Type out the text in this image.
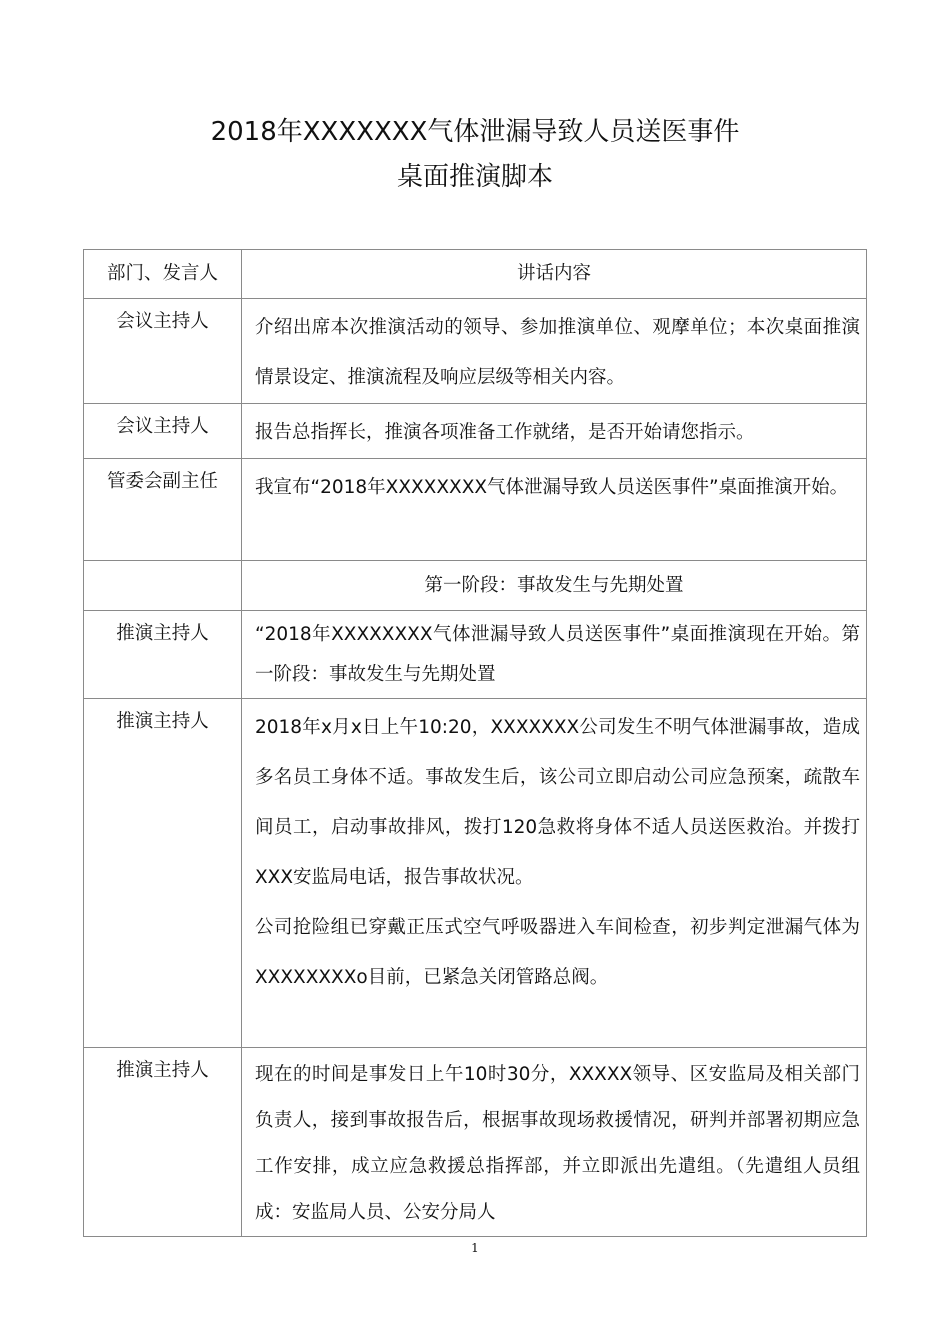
2018年XXXXXXX气体泄漏导致人员送医事件
桌面推演脚本
部门、发言人	讲话内容
会议主持人	介绍出席本次推演活动的领导、参加推演单位、观摩单位；本次桌面推演情景设定、推演流程及响应层级等相关内容。

会议主持人	报告总指挥长，推演各项准备工作就绪，是否开始请您指示。

管委会副主任	我宣布“2018年XXXXXXXX气体泄漏导致人员送医事件”桌面推演开始。

	第一阶段：事故发生与先期处置
推演主持人	“2018年XXXXXXXX气体泄漏导致人员送医事件”桌面推演现在开始。第一阶段：事故发生与先期处置

推演主持人	2018年x月x日上午10:20，XXXXXXX公司发生不明气体泄漏事故，造成多名员工身体不适。事故发生后，该公司立即启动公司应急预案，疏散车间员工，启动事故排风，拨打120急救将身体不适人员送医救治。并拨打XXX安监局电话，报告事故状况。

公司抢险组已穿戴正压式空气呼吸器进入车间检查，初步判定泄漏气体为XXXXXXXXo目前，已紧急关闭管路总阀。

推演主持人	现在的时间是事发日上午10时30分，XXXXX领导、区安监局及相关部门负责人，接到事故报告后，根据事故现场救援情况，研判并部署初期应急工作安排，成立应急救援总指挥部，并立即派出先遣组。（先遣组人员组成：安监局人员、公安分局人

1
